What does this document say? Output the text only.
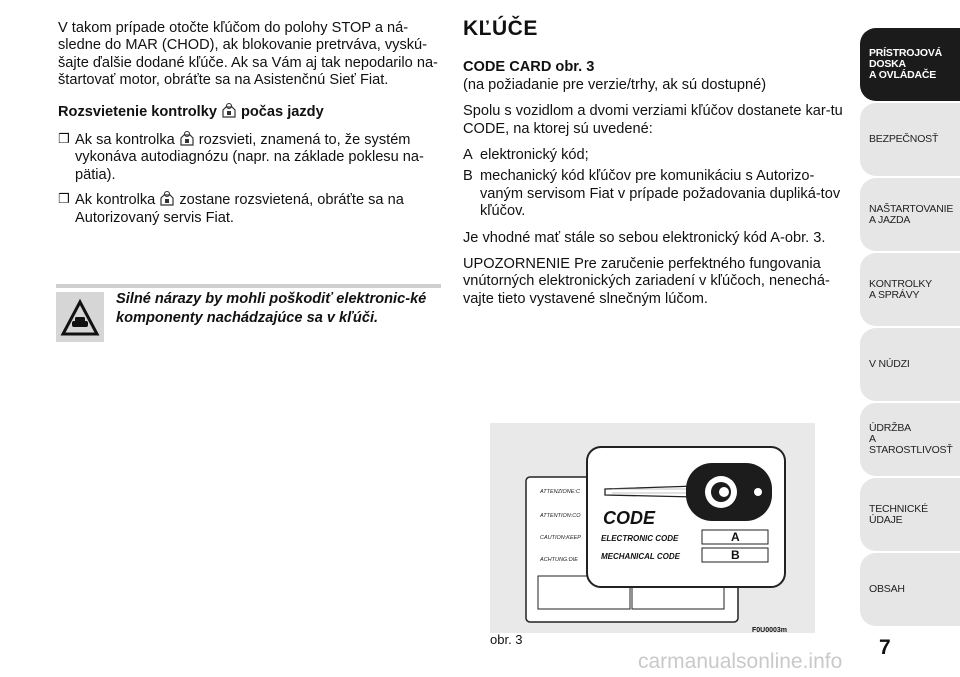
V takom prípade otočte kľúčom do polohy STOP a ná-sledne do MAR (CHOD), ak blokovanie pretrváva, vyskú-šajte ďalšie dodané kľúče. Ak sa Vám aj tak nepodarilo na-štartovať motor, obráťte sa na Asistenčnú Sieť Fiat.

Rozsvietenie kontrolky počas jazdy

❒ Ak sa kontrolka rozsvieti, znamená to, že systém vykonáva autodiagnózu (napr. na základe poklesu na-pätia).
❒ Ak kontrolka zostane rozsvietená, obráťte sa na Autorizovaný servis Fiat.
Silné nárazy by mohli poškodiť elektronic-ké komponenty nachádzajúce sa v kľúči.
KĽÚČE

CODE CARD obr. 3

(na požiadanie pre verzie/trhy, ak sú dostupné)

Spolu s vozidlom a dvomi verziami kľúčov dostanete kar-tu CODE, na ktorej sú uvedené:

A elektronický kód;
B mechanický kód kľúčov pre komunikáciu s Autorizo-vaným servisom Fiat v prípade požadovania dupliká-tov kľúčov.

Je vhodné mať stále so sebou elektronický kód A-obr. 3.

UPOZORNENIE Pre zaručenie perfektného fungovania vnútorných elektronických zariadení v kľúčoch, nenechá-vajte tieto vystavené slnečným lúčom.

ATTENZIONE:C
ATTENTION:CO
CAUTION:KEEP
ACHTUNG:DIE
CODE
ELECTRONIC CODE	A
MECHANICAL CODE	B
obr. 3
F0U0003m
PRÍSTROJOVÁ
DOSKA
A OVLÁDAČE
BEZPEČNOSŤ
NAŠTARTOVANIE
A JAZDA
KONTROLKY
A SPRÁVY
V NÚDZI
ÚDRŽBA
A STAROSTLIVOSŤ
TECHNICKÉ ÚDAJE
OBSAH
7
carmanualsonline.info
